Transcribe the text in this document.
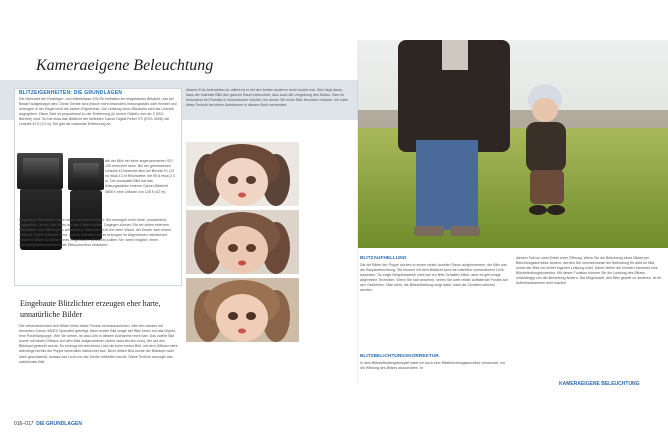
Kameraeigene Beleuchtung
BLITZEIGENHEITEN: DIE GRUNDLAGEN
Die Mehrzahl der Einsteiger- und Mittelklasse-DSLRs enthalten ein eingebautes Blitzlicht, das bei Bedarf ausgeklappt wird. Diese Geräte sind jedoch nicht besonders leistungsstark oder flexibel und erzeugen in der Regel nicht die besten Ergebnisse. Die Leistung eines Blitzlichts wird als Leitzahl angegeben. Diese Zahl ist proportional zu der Entfernung (in einem Objekt) und der 2 (ISO-Bereich) wird. So hat etwa das Blitzlicht der beliebten Canon Digital Rebel XTi (EOS 400D) die Leitzahl 43 ft (13 m). Sie gibt die maximale Entfernung an,
die der Blitz bei einer angenommenen ISO 100 erreichen kann. Bei der gemessenen Leitzahl 43 bedeutet dies bei Blende f/1 (13 m) etwa 13 m Reichweite, bei f/5,6 etwa 2,3 m. Der kompakte Blitz hat das leistungsstarke externe Canon Blitzlicht 580EX eine Leitzahl von 138 ft (42 m).
Eingebaute Blitzlichter haben einen weiteren Nachteil: Sie erzeugen nicht harte, unnatürliche Ergebnisse, da es Licht direkt auf das Objekt richten. Dagegen können Sie bei vielen externen Blitzlichtern den Blitzkopf so schwenken, dass das Licht von einer Wand, der Decke oder einem anderen Objekt reflektiert wird. Solche indirekten Blitze erzeugen im Allgemeinen natürlichere weichere Bilder. An Stelle eines eingebauten Blitzlichts sollten Sie, wenn möglich, einen Wechselreflexionsschirm oder Diffusorschirm einsetzen.
Eingebaute Blitzlichter erzeugen eher harte, unnatürliche Bilder
Die nebenstehenden drei Bilder teilen diese Punkte veranschaulichen. Alle drei wurden mit derselben Canon 580EX Speedlite gefertigt. Beim ersten Bild zeigte der Blitz einen auf das Objekt, eine Porzellanpuppe. Wie Sie sehen, ist das Licht in diesem Aufnahme recht hart. Das zweite Bild wurde mit einem Diffusor auf dem Blitz aufgenommen (siehe www.sto-fen.com), der auf den Blitzkopf gesteckt wurde. Es erzeugt ein weicheres Licht als beim ersten Bild, mit dem Diffusor sieht allerdings bereits die Puppe wesentlich natürlicher aus. Beim dritten Bild wurde der Blitzkopf nach oben geschwenkt, sodass das Licht von der Decke reflektiert wurde. Diese Technik erzeugte das natürlichste Bild.
diesem Foto beleuchten ist, während er bei den beiden anderen recht dunkel war. Dies liegt daran, dass der indirekte Blitz den ganzen Raum beleuchtet, also auch die Umgebung des Motivs. Dies ist besonders bei Porträts in Innenräumen nützlich, bei denen Sie einen Blitz benutzen müssen. Ich habe diese Technik bei vielen Aufnahmen in diesem Buch verwendet.
016–017 DIE GRUNDLAGEN
BLITZAUFHELLUNG
Die die Bilder der Puppe wurden in einem relativ dunklen Raum aufgenommen, der Blitz war die Hauptbeleuchtung. Sie können mit dem Blitzlicht auch bei natürlich vorhandenem Licht einsetzen. So zeige Beispielsweise nicht wie ein Blitz Schatten füllen, aber es gibt einige allgemeine Techniken. Wenn Sie sich ansehen, sehen Sie zwei relativ auffallende Punkte auf den Gesichtern. Man sieht, die Blitzaufhellung sorgt dafür, dass die Schatten weicher werden.
BLITZBELICHTUNGSKORREKTUR
In dem Blitzaufhellungsbeispiel habe ich auch eine Blitzbelichtungskorrektur verwendet, um die Wirkung des Blitzes abzumildern. In
diesem Fall um zwei Drittel einer Öffnung. Wenn Sie die Belichtung eines Bildes per Belichtungskorrektur ändern, werden Sie normalerweise die Belichtung für alles im Bild, wobei der Blitz mit seiner eigenen Leistung wirkt. Daher bieten die meisten Kameras eine Blitzbelichtungskorrektur. Mit dieser Funktion können Sie die Leistung des Blitzes unabhängig von der Belichtung ändern. Die Möglichkeit, den Blitz gezielt zu dosieren, ist für Aufhellaufnahmen sehr nützlich.
KAMERAEIGENE BELEUCHTUNG
